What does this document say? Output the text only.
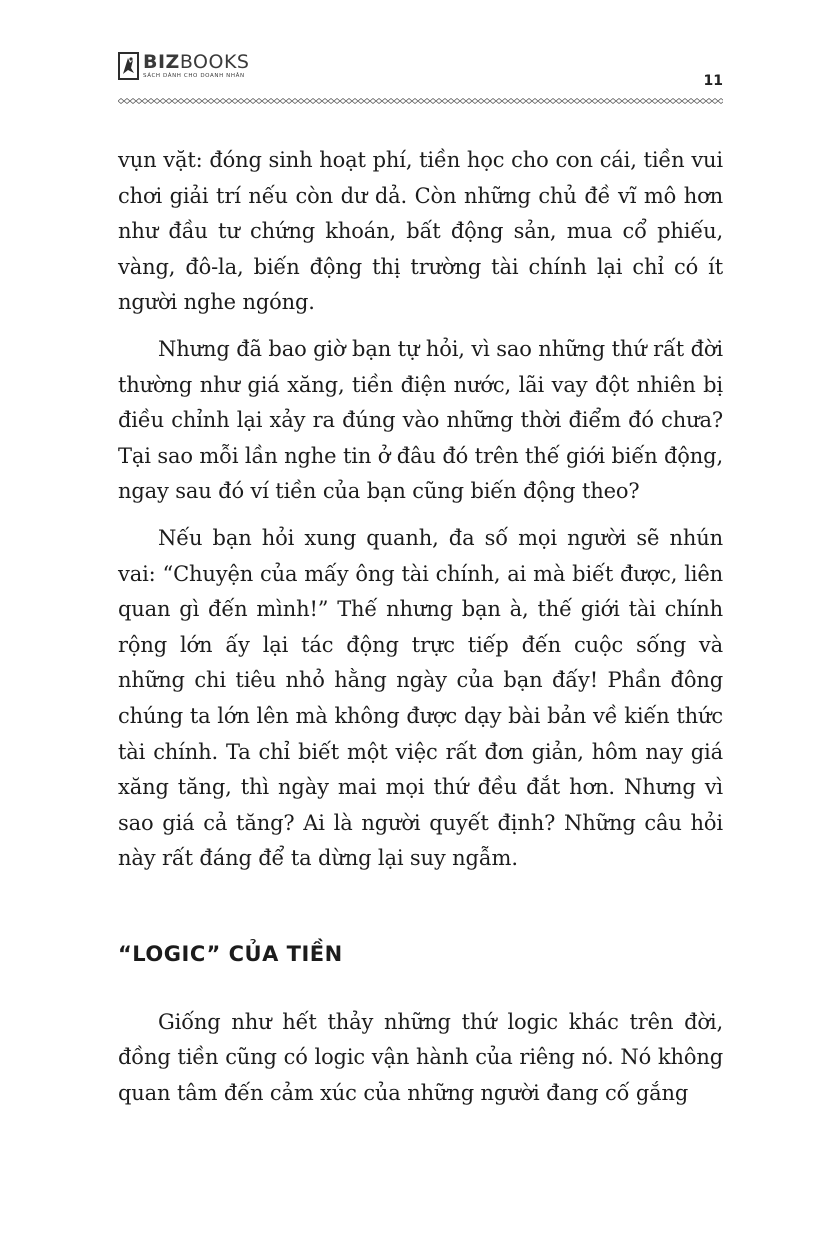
BIZBOOKS
SÁCH DÀNH CHO DOANH NHÂN	11

vụn vặt: đóng sinh hoạt phí, tiền học cho con cái, tiền vui chơi giải trí nếu còn dư dả. Còn những chủ đề vĩ mô hơn như đầu tư chứng khoán, bất động sản, mua cổ phiếu, vàng, đô-la, biến động thị trường tài chính lại chỉ có ít người nghe ngóng.

Nhưng đã bao giờ bạn tự hỏi, vì sao những thứ rất đời thường như giá xăng, tiền điện nước, lãi vay đột nhiên bị điều chỉnh lại xảy ra đúng vào những thời điểm đó chưa? Tại sao mỗi lần nghe tin ở đâu đó trên thế giới biến động, ngay sau đó ví tiền của bạn cũng biến động theo?

Nếu bạn hỏi xung quanh, đa số mọi người sẽ nhún vai: “Chuyện của mấy ông tài chính, ai mà biết được, liên quan gì đến mình!” Thế nhưng bạn à, thế giới tài chính rộng lớn ấy lại tác động trực tiếp đến cuộc sống và những chi tiêu nhỏ hằng ngày của bạn đấy! Phần đông chúng ta lớn lên mà không được dạy bài bản về kiến thức tài chính. Ta chỉ biết một việc rất đơn giản, hôm nay giá xăng tăng, thì ngày mai mọi thứ đều đắt hơn. Nhưng vì sao giá cả tăng? Ai là người quyết định? Những câu hỏi này rất đáng để ta dừng lại suy ngẫm.

“LOGIC” CỦA TIỀN

Giống như hết thảy những thứ logic khác trên đời, đồng tiền cũng có logic vận hành của riêng nó. Nó không quan tâm đến cảm xúc của những người đang cố gắng
